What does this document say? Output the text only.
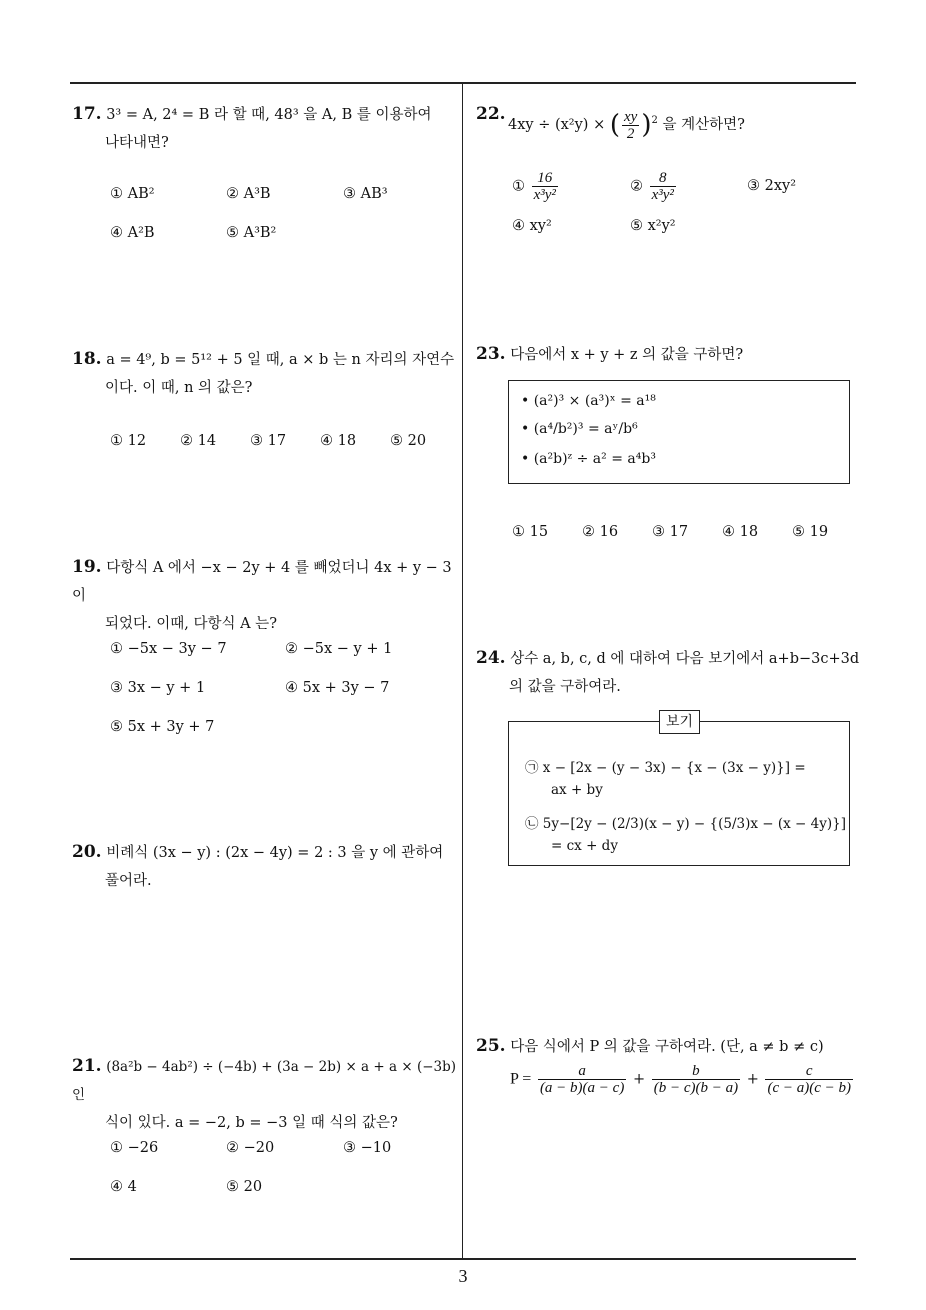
17. 3³ = A, 2⁴ = B 라 할 때, 48³ 을 A, B 를 이용하여
나타내면?
① AB²	② A³B	③ AB³
④ A²B	⑤ A³B²
18. a = 4⁹, b = 5¹² + 5 일 때, a × b 는 n 자리의 자연수
이다. 이 때, n 의 값은?
① 12 ② 14 ③ 17 ④ 18 ⑤ 20
19. 다항식 A 에서 −x − 2y + 4 를 빼었더니 4x + y − 3 이
되었다. 이때, 다항식 A 는?
① −5x − 3y − 7	② −5x − y + 1
③ 3x − y + 1	④ 5x + 3y − 7
⑤ 5x + 3y + 7
20. 비례식 (3x − y) : (2x − 4y) = 2 : 3 을 y 에 관하여
풀어라.
21. (8a²b − 4ab²) ÷ (−4b) + (3a − 2b) × a + a × (−3b) 인
식이 있다. a = −2, b = −3 일 때 식의 값은?
① −26	② −20	③ −10
④ 4	⑤ 20
22.
4xy ÷ (x²y) × ( $\frac{xy}{2} )^2$ 을 계산하면?
① $\frac{16}{\text{x³y²}}$	② $\frac{8}{\text{x³y²}}$	③ 2xy²
④ xy²	⑤ x²y²
23. 다음에서 x + y + z 의 값을 구하면?
• (a²)³ × (a³)ˣ = a¹⁸
• (a⁴/b²)³ = aʸ/b⁶
• (a²b)ᶻ ÷ a² = a⁴b³
① 15 ② 16 ③ 17 ④ 18 ⑤ 19
24. 상수 a, b, c, d 에 대하여 다음 보기에서 a+b−3c+3d
의 값을 구하여라.
보기
㉠ x − [2x − (y − 3x) − {x − (3x − y)}] =
ax + by
㉡ 5y−[2y − (2/3)(x − y) − {(5/3)x − (x − 4y)}]
= cx + dy
25. 다음 식에서 P 의 값을 구하여라. (단, a ≠ b ≠ c)
$P = \frac{a}{(a - b)(a - c)} + \frac{b}{(b - c)(b - a)} + \frac{c}{(c - a)(c - b)}$
3
